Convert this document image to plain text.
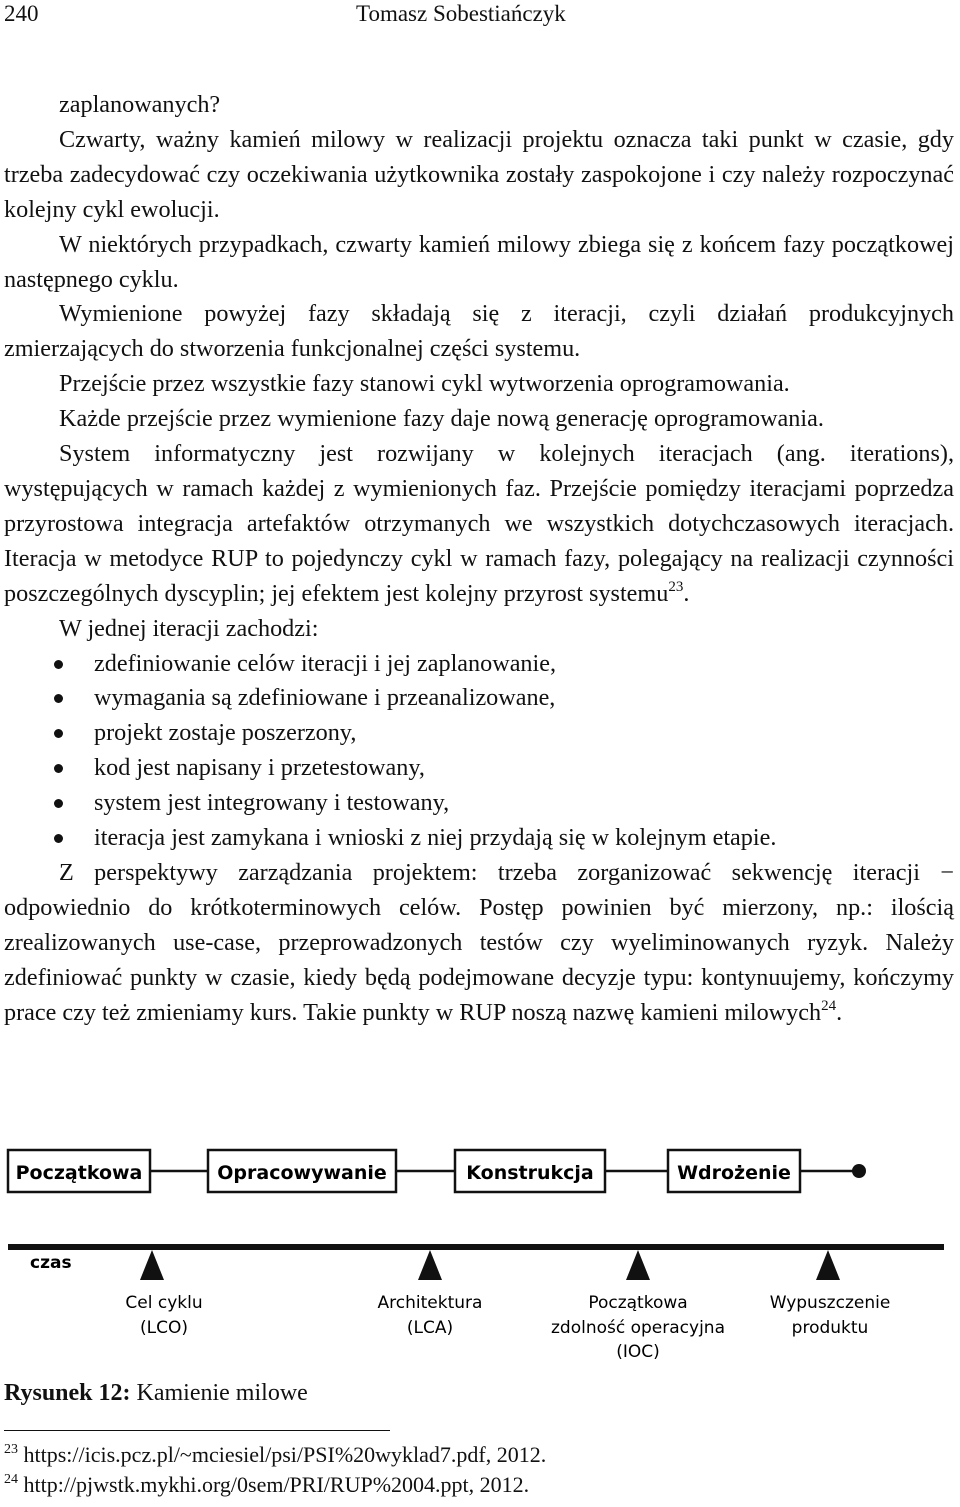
240	Tomasz Sobestiańczyk

zaplanowanych?

Czwarty, ważny kamień milowy w realizacji projektu oznacza taki punkt w czasie, gdy trzeba zadecydować czy oczekiwania użytkownika zostały zaspokojone i czy należy rozpoczynać kolejny cykl ewolucji.

W niektórych przypadkach, czwarty kamień milowy zbiega się z końcem fazy początkowej następnego cyklu.

Wymienione powyżej fazy składają się z iteracji, czyli działań produkcyjnych zmierzających do stworzenia funkcjonalnej części systemu.

Przejście przez wszystkie fazy stanowi cykl wytworzenia oprogramowania.

Każde przejście przez wymienione fazy daje nową generację oprogramowania.

System informatyczny jest rozwijany w kolejnych iteracjach (ang. iterations), występujących w ramach każdej z wymienionych faz. Przejście pomiędzy iteracjami poprzedza przyrostowa integracja artefaktów otrzymanych we wszystkich dotychczasowych iteracjach. Iteracja w metodyce RUP to pojedynczy cykl w ramach fazy, polegający na realizacji czynności poszczególnych dyscyplin; jej efektem jest kolejny przyrost systemu$^{23}$.

W jednej iteracji zachodzi:

zdefiniowanie celów iteracji i jej zaplanowanie,

wymagania są zdefiniowane i przeanalizowane,

projekt zostaje poszerzony,

kod jest napisany i przetestowany,

system jest integrowany i testowany,

iteracja jest zamykana i wnioski z niej przydają się w kolejnym etapie.

Z perspektywy zarządzania projektem: trzeba zorganizować sekwencję iteracji − odpowiednio do krótkoterminowych celów. Postęp powinien być mierzony, np.: ilością zrealizowanych use-case, przeprowadzonych testów czy wyeliminowanych ryzyk. Należy zdefiniować punkty w czasie, kiedy będą podejmowane decyzje typu: kontynuujemy, kończymy prace czy też zmieniamy kurs. Takie punkty w RUP noszą nazwę kamieni milowych$^{24}$.

Początkowa	Opracowywanie	Konstrukcja	Wdrożenie
czas
Cel cyklu
(LCO)
Architektura
(LCA)
Początkowa
zdolność operacyjna
(IOC)
Wypuszczenie
produktu
Rysunek 12: Kamienie milowe
$^{23}$ https://icis.pcz.pl/~mciesiel/psi/PSI%20wyklad7.pdf, 2012.
$^{24}$ http://pjwstk.mykhi.org/0sem/PRI/RUP%2004.ppt, 2012.
